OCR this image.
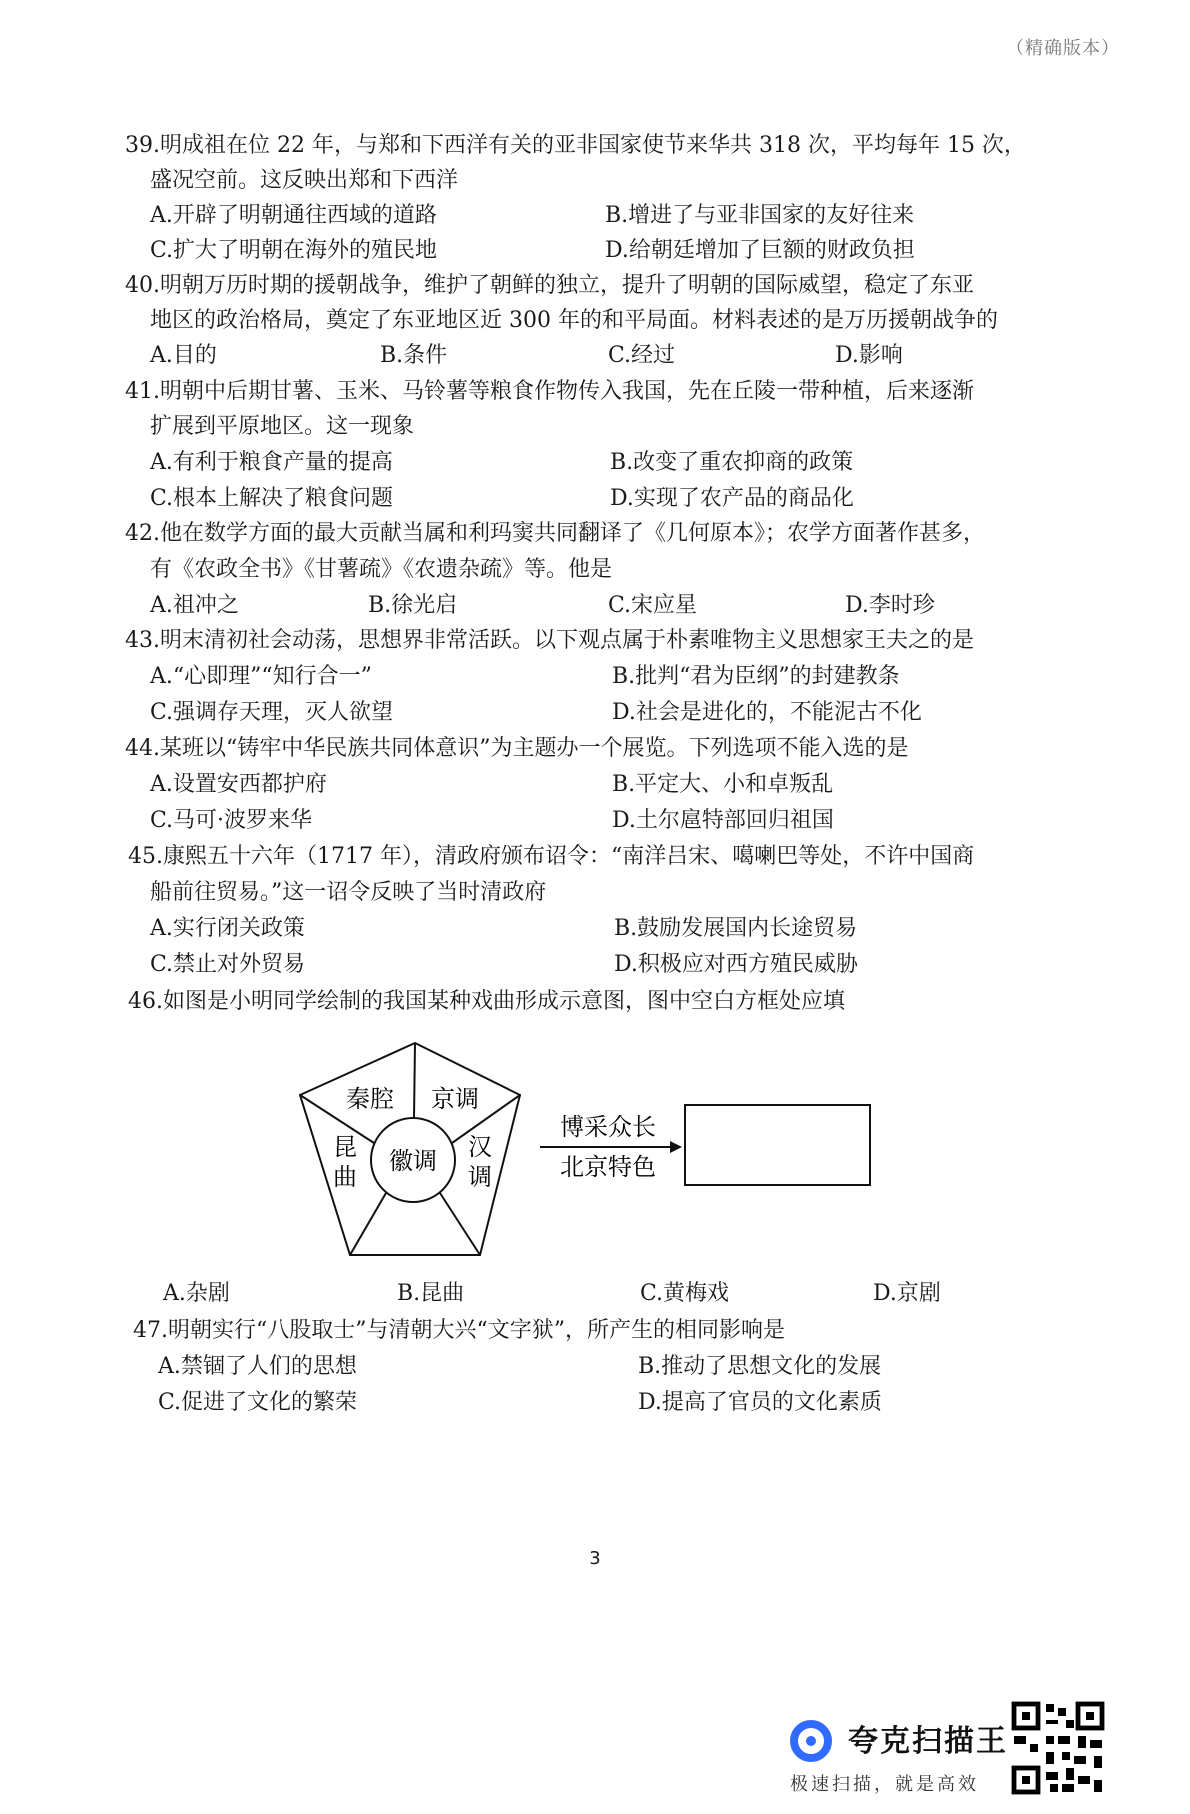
（精确版本）
39.明成祖在位 22 年，与郑和下西洋有关的亚非国家使节来华共 318 次，平均每年 15 次，
盛况空前。这反映出郑和下西洋
A.开辟了明朝通往西域的道路	B.增进了与亚非国家的友好往来
C.扩大了明朝在海外的殖民地	D.给朝廷增加了巨额的财政负担
40.明朝万历时期的援朝战争，维护了朝鲜的独立，提升了明朝的国际威望，稳定了东亚
地区的政治格局，奠定了东亚地区近 300 年的和平局面。材料表述的是万历援朝战争的
A.目的	B.条件	C.经过	D.影响
41.明朝中后期甘薯、玉米、马铃薯等粮食作物传入我国，先在丘陵一带种植，后来逐渐
扩展到平原地区。这一现象
A.有利于粮食产量的提高	B.改变了重农抑商的政策
C.根本上解决了粮食问题	D.实现了农产品的商品化
42.他在数学方面的最大贡献当属和利玛窦共同翻译了《几何原本》；农学方面著作甚多，
有《农政全书》《甘薯疏》《农遗杂疏》等。他是
A.祖冲之	B.徐光启	C.宋应星	D.李时珍
43.明末清初社会动荡，思想界非常活跃。以下观点属于朴素唯物主义思想家王夫之的是
A.“心即理”“知行合一”	B.批判“君为臣纲”的封建教条
C.强调存天理，灭人欲望	D.社会是进化的，不能泥古不化
44.某班以“铸牢中华民族共同体意识”为主题办一个展览。下列选项不能入选的是
A.设置安西都护府	B.平定大、小和卓叛乱
C.马可·波罗来华	D.土尔扈特部回归祖国
45.康熙五十六年（1717 年），清政府颁布诏令：“南洋吕宋、噶喇巴等处，不许中国商
船前往贸易。”这一诏令反映了当时清政府
A.实行闭关政策	B.鼓励发展国内长途贸易
C.禁止对外贸易	D.积极应对西方殖民威胁
46.如图是小明同学绘制的我国某种戏曲形成示意图，图中空白方框处应填
秦腔 京调
徽调
昆曲
汉调
博采众长
北京特色
A.杂剧	B.昆曲	C.黄梅戏	D.京剧
47.明朝实行“八股取士”与清朝大兴“文字狱”，所产生的相同影响是
A.禁锢了人们的思想	B.推动了思想文化的发展
C.促进了文化的繁荣	D.提高了官员的文化素质
3
夸克扫描王
极速扫描，就是高效
